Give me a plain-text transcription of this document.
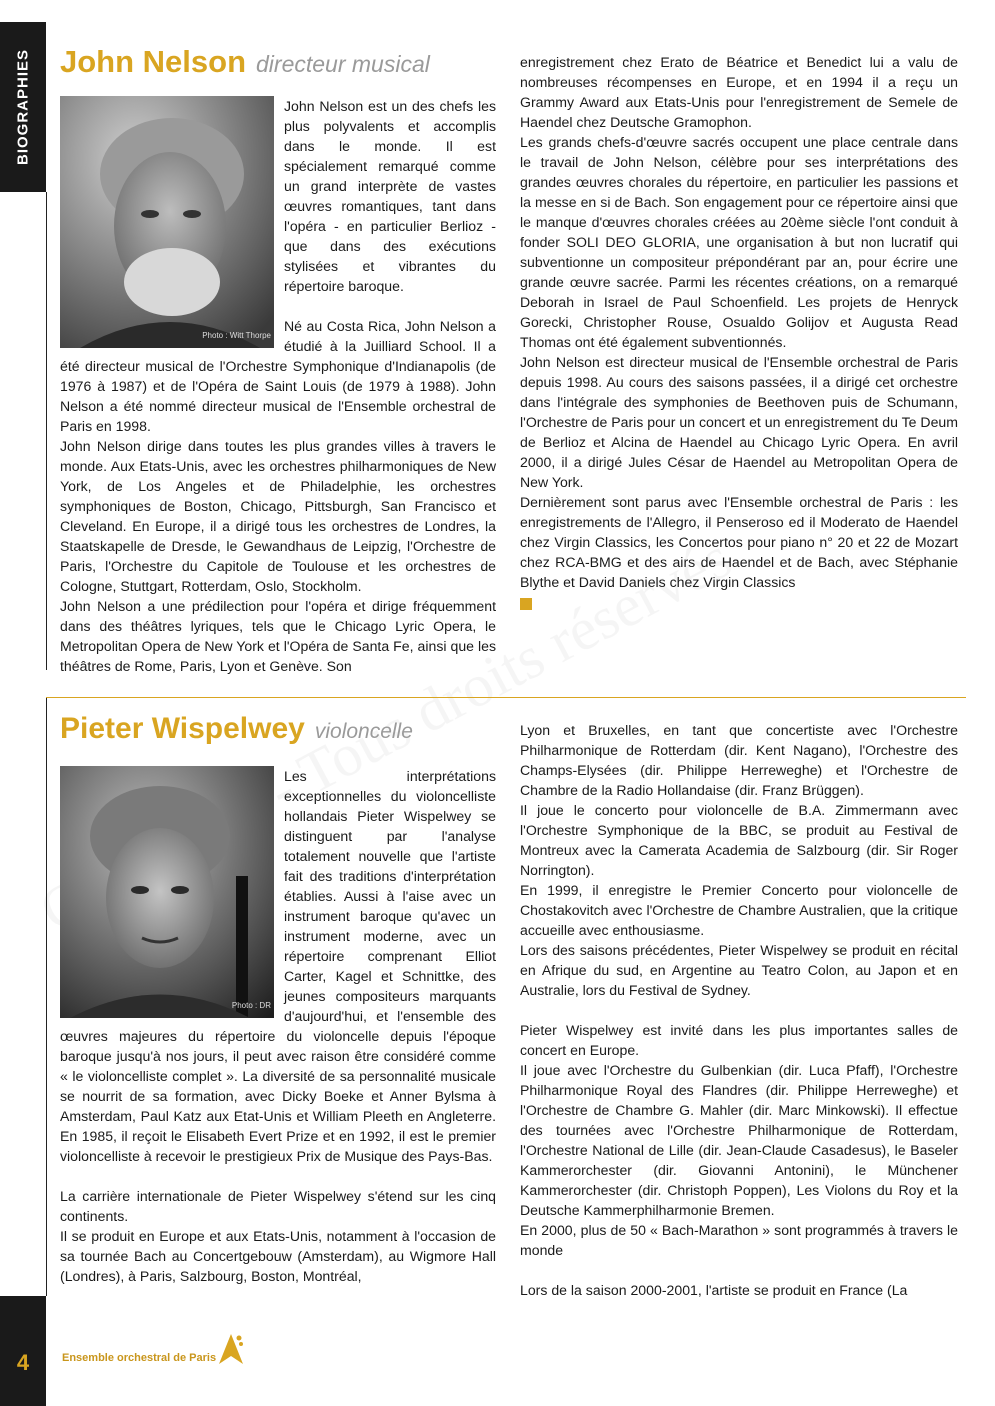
BIOGRAPHIES John Nelson directeur musical
Photo : Witt Thorpe

John Nelson est un des chefs les plus polyvalents et accomplis dans le monde. Il est spécialement remarqué comme un grand interprète de vastes œuvres romantiques, tant dans l'opéra - en particulier Berlioz - que dans des exécutions stylisées et vibrantes du répertoire baroque.

Né au Costa Rica, John Nelson a étudié à la Juilliard School. Il a été directeur musical de l'Orchestre Symphonique d'Indianapolis (de 1976 à 1987) et de l'Opéra de Saint Louis (de 1979 à 1988). John Nelson a été nommé directeur musical de l'Ensemble orchestral de Paris en 1998.

John Nelson dirige dans toutes les plus grandes villes à travers le monde. Aux Etats-Unis, avec les orchestres philharmoniques de New York, de Los Angeles et de Philadelphie, les orchestres symphoniques de Boston, Chicago, Pittsburgh, San Francisco et Cleveland. En Europe, il a dirigé tous les orchestres de Londres, la Staatskapelle de Dresde, le Gewandhaus de Leipzig, l'Orchestre de Paris, l'Orchestre du Capitole de Toulouse et les orchestres de Cologne, Stuttgart, Rotterdam, Oslo, Stockholm.

John Nelson a une prédilection pour l'opéra et dirige fréquemment dans des théâtres lyriques, tels que le Chicago Lyric Opera, le Metropolitan Opera de New York et l'Opéra de Santa Fe, ainsi que les théâtres de Rome, Paris, Lyon et Genève. Son

enregistrement chez Erato de Béatrice et Benedict lui a valu de nombreuses récompenses en Europe, et en 1994 il a reçu un Grammy Award aux Etats-Unis pour l'enregistrement de Semele de Haendel chez Deutsche Gramophon.

Les grands chefs-d'œuvre sacrés occupent une place centrale dans le travail de John Nelson, célèbre pour ses interprétations des grandes œuvres chorales du répertoire, en particulier les passions et la messe en si de Bach. Son engagement pour ce répertoire ainsi que le manque d'œuvres chorales créées au 20ème siècle l'ont conduit à fonder SOLI DEO GLORIA, une organisation à but non lucratif qui subventionne un compositeur prépondérant par an, pour écrire une grande œuvre sacrée. Parmi les récentes créations, on a remarqué Deborah in Israel de Paul Schoenfield. Les projets de Henryck Gorecki, Christopher Rouse, Osualdo Golijov et Augusta Read Thomas ont été également subventionnés.

John Nelson est directeur musical de l'Ensemble orchestral de Paris depuis 1998. Au cours des saisons passées, il a dirigé cet orchestre dans l'intégrale des symphonies de Beethoven puis de Schumann, l'Orchestre de Paris pour un concert et un enregistrement du Te Deum de Berlioz et Alcina de Haendel au Chicago Lyric Opera. En avril 2000, il a dirigé Jules César de Haendel au Metropolitan Opera de New York.

Dernièrement sont parus avec l'Ensemble orchestral de Paris : les enregistrements de l'Allegro, il Penseroso ed il Moderato de Haendel chez Virgin Classics, les Concertos pour piano n° 20 et 22 de Mozart chez RCA-BMG et des airs de Haendel et de Bach, avec Stéphanie Blythe et David Daniels chez Virgin Classics

Pieter Wispelwey violoncelle
Photo : DR

Les interprétations exceptionnelles du violoncelliste hollandais Pieter Wispelwey se distinguent par l'analyse totalement nouvelle que l'artiste fait des traditions d'interprétation établies. Aussi à l'aise avec un instrument baroque qu'avec un instrument moderne, avec un répertoire comprenant Elliot Carter, Kagel et Schnittke, des jeunes compositeurs marquants d'aujourd'hui, et l'ensemble des œuvres majeures du répertoire du violoncelle depuis l'époque baroque jusqu'à nos jours, il peut avec raison être considéré comme « le violoncelliste complet ». La diversité de sa personnalité musicale se nourrit de sa formation, avec Dicky Boeke et Anner Bylsma à Amsterdam, Paul Katz aux Etat-Unis et William Pleeth en Angleterre. En 1985, il reçoit le Elisabeth Evert Prize et en 1992, il est le premier violoncelliste à recevoir le prestigieux Prix de Musique des Pays-Bas.

La carrière internationale de Pieter Wispelwey s'étend sur les cinq continents.

Il se produit en Europe et aux Etats-Unis, notamment à l'occasion de sa tournée Bach au Concertgebouw (Amsterdam), au Wigmore Hall (Londres), à Paris, Salzbourg, Boston, Montréal,

Lyon et Bruxelles, en tant que concertiste avec l'Orchestre Philharmonique de Rotterdam (dir. Kent Nagano), l'Orchestre des Champs-Elysées (dir. Philippe Herreweghe) et l'Orchestre de Chambre de la Radio Hollandaise (dir. Franz Brüggen).

Il joue le concerto pour violoncelle de B.A. Zimmermann avec l'Orchestre Symphonique de la BBC, se produit au Festival de Montreux avec la Camerata Academia de Salzbourg (dir. Sir Roger Norrington).

En 1999, il enregistre le Premier Concerto pour violoncelle de Chostakovitch avec l'Orchestre de Chambre Australien, que la critique accueille avec enthousiasme.

Lors des saisons précédentes, Pieter Wispelwey se produit en récital en Afrique du sud, en Argentine au Teatro Colon, au Japon et en Australie, lors du Festival de Sydney.

Pieter Wispelwey est invité dans les plus importantes salles de concert en Europe.

Il joue avec l'Orchestre du Gulbenkian (dir. Luca Pfaff), l'Orchestre Philharmonique Royal des Flandres (dir. Philippe Herreweghe) et l'Orchestre de Chambre G. Mahler (dir. Marc Minkowski). Il effectue des tournées avec l'Orchestre Philharmonique de Rotterdam, l'Orchestre National de Lille (dir. Jean-Claude Casadesus), le Baseler Kammerorchester (dir. Giovanni Antonini), le Münchener Kammerorchester (dir. Christoph Poppen), Les Violons du Roy et la Deutsche Kammerphilharmonie Bremen.

En 2000, plus de 50 « Bach-Marathon » sont programmés à travers le monde

Lors de la saison 2000-2001, l'artiste se produit en France (La

4	Ensemble orchestral de Paris
